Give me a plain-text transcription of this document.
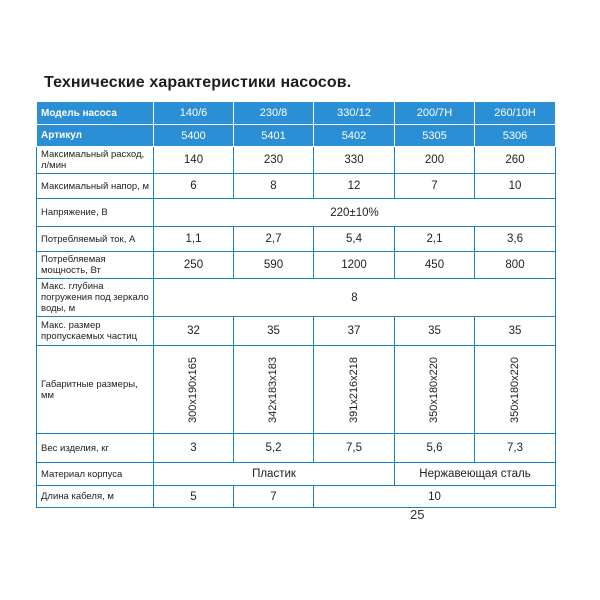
Технические характеристики насосов.
Модель насоса	140/6	230/8	330/12	200/7Н	260/10Н
Артикул	5400	5401	5402	5305	5306
Максимальный расход, л/мин	140	230	330	200	260
Максимальный напор, м	6	8	12	7	10
Напряжение, В	220±10%				
Потребляемый ток, А	1,1	2,7	5,4	2,1	3,6
Потребляемая мощность, Вт	250	590	1200	450	800
Макс. глубина погружения под зеркало воды, м	8				
Макс. размер пропускаемых частиц	32	35	37	35	35
Габаритные размеры, мм	300x190x165	342x183x183	391x216x218	350x180x220	350x180x220
Вес изделия, кг	3	5,2	7,5	5,6	7,3
Материал корпуса	Пластик			Нержавеющая сталь	
Длина кабеля, м	5	7	10		
25
